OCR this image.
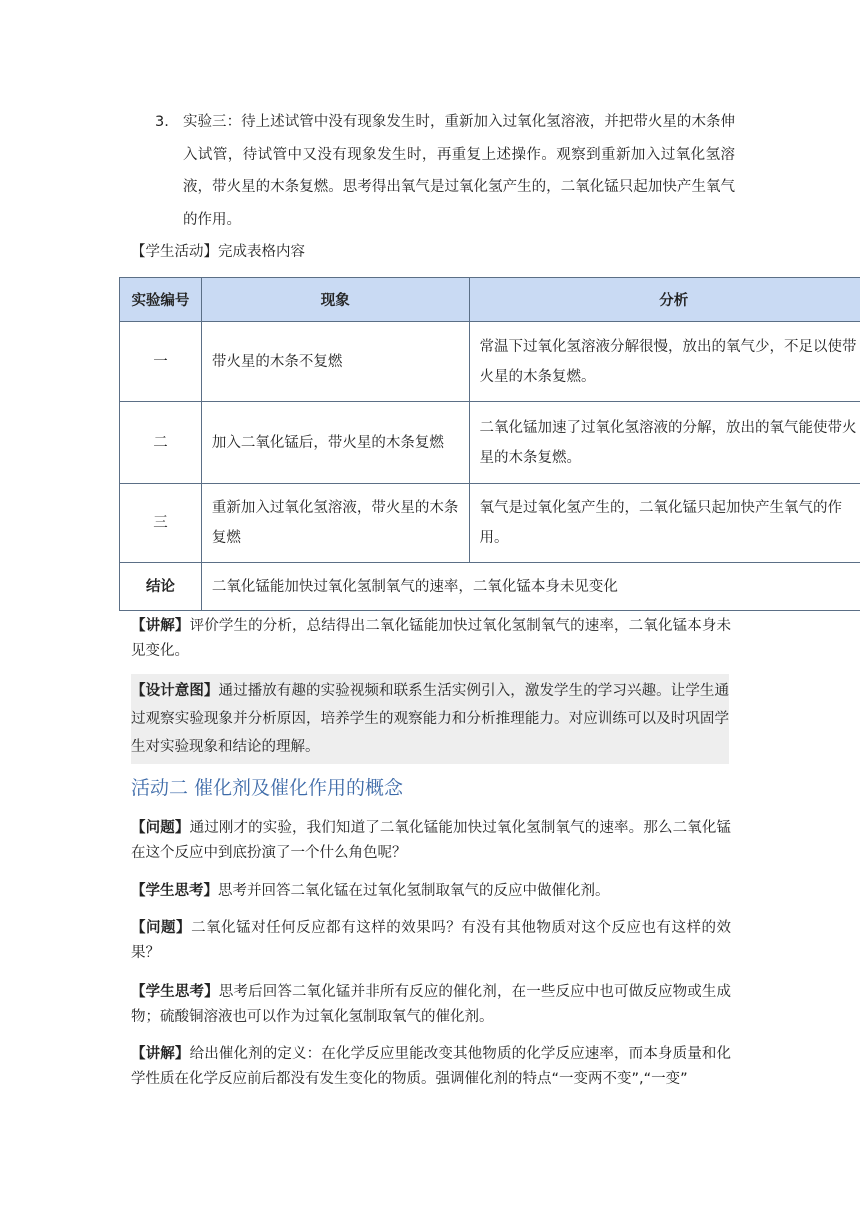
3. 实验三：待上述试管中没有现象发生时，重新加入过氧化氢溶液，并把带火星的木条伸入试管，待试管中又没有现象发生时，再重复上述操作。观察到重新加入过氧化氢溶液，带火星的木条复燃。思考得出氧气是过氧化氢产生的，二氧化锰只起加快产生氧气的作用。
【学生活动】完成表格内容
实验编号	现象	分析
一	带火星的木条不复燃	常温下过氧化氢溶液分解很慢，放出的氧气少，不足以使带火星的木条复燃。
二	加入二氧化锰后，带火星的木条复燃	二氧化锰加速了过氧化氢溶液的分解，放出的氧气能使带火星的木条复燃。
三	重新加入过氧化氢溶液，带火星的木条复燃	氧气是过氧化氢产生的，二氧化锰只起加快产生氧气的作用。
结论	二氧化锰能加快过氧化氢制氧气的速率，二氧化锰本身未见变化	
【讲解】评价学生的分析，总结得出二氧化锰能加快过氧化氢制氧气的速率，二氧化锰本身未见变化。
【设计意图】通过播放有趣的实验视频和联系生活实例引入，激发学生的学习兴趣。让学生通过观察实验现象并分析原因，培养学生的观察能力和分析推理能力。对应训练可以及时巩固学生对实验现象和结论的理解。
活动二 催化剂及催化作用的概念
【问题】通过刚才的实验，我们知道了二氧化锰能加快过氧化氢制氧气的速率。那么二氧化锰在这个反应中到底扮演了一个什么角色呢？
【学生思考】思考并回答二氧化锰在过氧化氢制取氧气的反应中做催化剂。
【问题】二氧化锰对任何反应都有这样的效果吗？有没有其他物质对这个反应也有这样的效果？
【学生思考】思考后回答二氧化锰并非所有反应的催化剂，在一些反应中也可做反应物或生成物；硫酸铜溶液也可以作为过氧化氢制取氧气的催化剂。
【讲解】给出催化剂的定义：在化学反应里能改变其他物质的化学反应速率，而本身质量和化学性质在化学反应前后都没有发生变化的物质。强调催化剂的特点“一变两不变”,“一变”
